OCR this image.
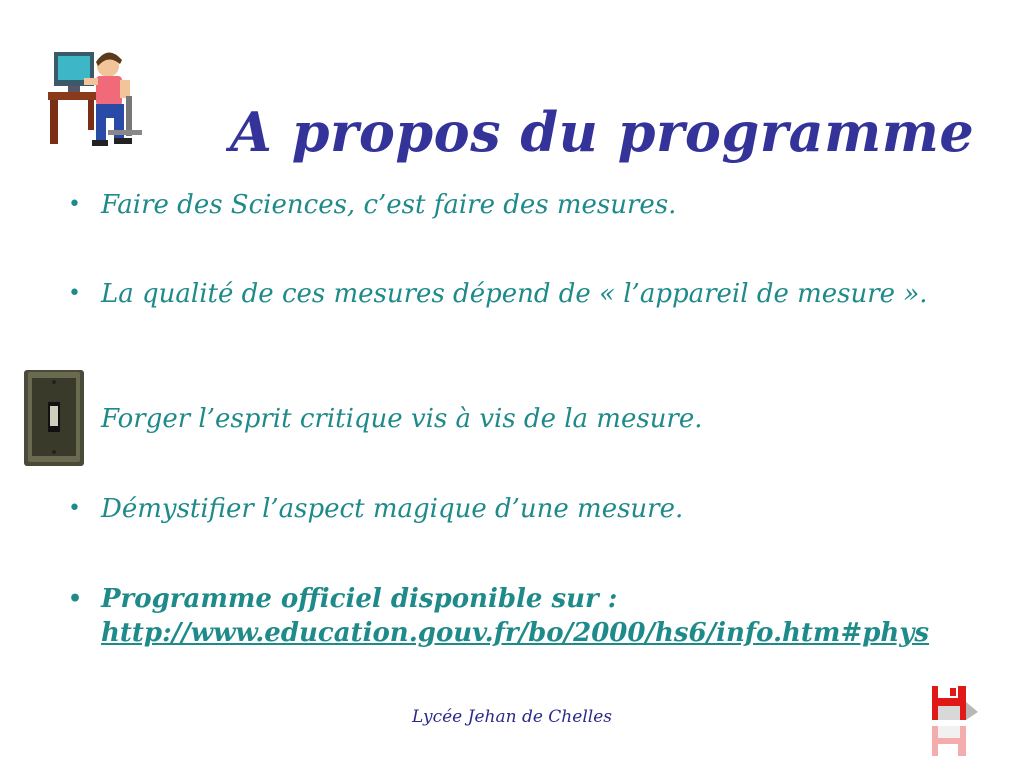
A propos du programme
• Faire des Sciences, c’est faire des mesures.
• La qualité de ces mesures dépend de « l’appareil de mesure ».
Forger l’esprit critique vis à vis de la mesure.
• Démystifier l’aspect magique d’une mesure.
• Programme officiel disponible sur :
http://www.education.gouv.fr/bo/2000/hs6/info.htm#phys
Lycée Jehan de Chelles
